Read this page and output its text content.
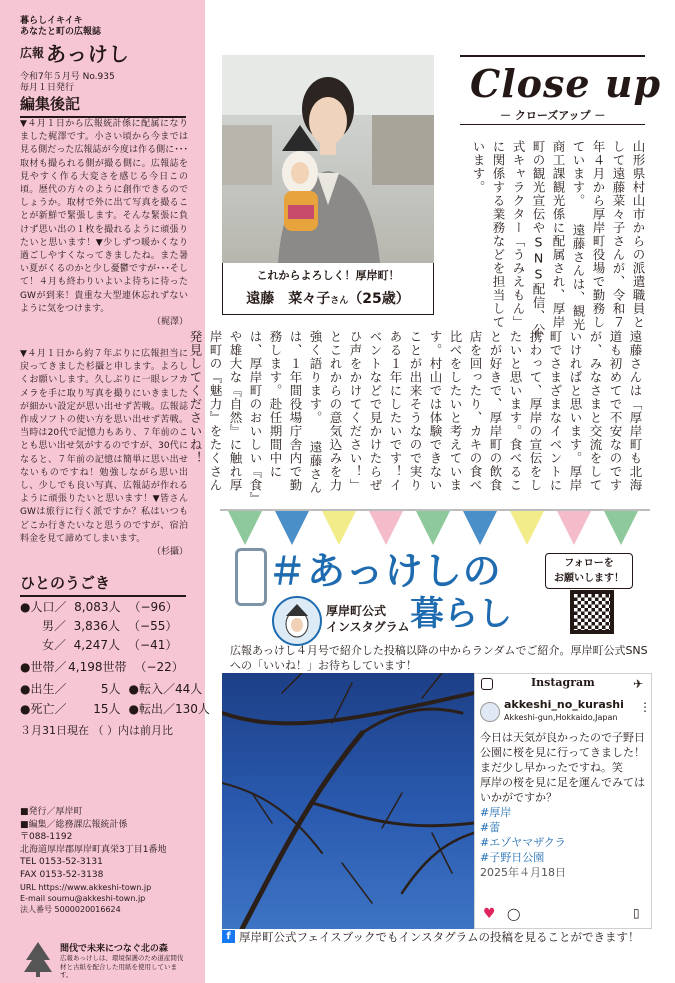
暮らしイキイキ
あなたと町の広報誌
広報 あっけし
令和7年５月号 No.935
毎月１日発行
編集後記
▼４月１日から広報統計係に配属になりました梶澤です。小さい頃から今までは見る側だった広報誌が今度は作る側に･･･取材も撮られる側が撮る側に。広報誌を見やすく作る大変さを感じる今日この頃。歴代の方々のように創作できるのでしょうか。取材で外に出て写真を撮ることが新鮮で緊張します。そんな緊張に負けず思い出の１枚を撮れるように頑張りたいと思います！▼少しずつ暖かくなり過ごしやすくなってきましたね。また暑い夏がくるのかと少し憂鬱ですが･･･そして！４月も終わりいよいよ待ちに待ったGWが到来！貴重な大型連休忘れずないように気をつけます。
（梶澤）
▼４月１日から約７年ぶりに広報担当に戻ってきました杉攝と申します。よろしくお願いします。久しぶりに一眼レフカメラを手に取り写真を撮りにいきましたが細かい設定が思い出せず苦戦。広報誌作成ソフトの使い方を思い出せず苦戦。当時は20代で記憶力もあり、７年前のことも思い出せ気がするのですが、30代になると、７年前の記憶は簡単に思い出せないものですね！勉強しながら思い出し、少しでも良い写真、広報誌が作れるように頑張りたいと思います！▼皆さんGWは旅行に行く派ですか？私はいつもどこか行きたいなと思うのですが、宿泊料金を見て諦めてしまいます。
（杉攝）
ひとのうごき
●人口／ 8,083人 （−96）
男／ 3,836人 （−55）
女／ 4,247人 （−41）
●世帯／ 4,198世帯 （−22）
●出生／	5人 ●転入／44人
●死亡／ 15人 ●転出／130人
３月31日現在 （ ）内は前月比
■発行／厚岸町
■編集／総務課広報統計係
〒088-1192
北海道厚岸郡厚岸町真栄3丁目1番地
TEL 0153-52-3131
FAX 0153-52-3138
URL https://www.akkeshi-town.jp
E-mail soumu@akkeshi-town.jp
法人番号 5000020016624
間伐で未来につなぐ北の森
広報あっけしは、環境保護のため道産間伐材と古紙を配合した用紙を使用しています。
これからよろしく！厚岸町！
遠藤　菜々子さん（25歳）
Close up
－ クローズアップ －
山形県村山市からの派遣職員として遠藤菜々子さんが、令和７年４月から厚岸町役場で勤務しています。 遠藤さんは、観光商工課観光係に配属され、厚岸町の観光宣伝やSNS配信、公式キャラクター「うみえもん」に関係する業務などを担当しています。
遠藤さんは「厚岸町も北海道も初めてで不安なのですが、みなさまと交流をしていければと思います。厚岸町でさまざまなイベントに携わって、厚岸の宣伝をしたいと思います。食べることが好きで、厚岸町の飲食店を回ったり、カキの食べ比べをしたいと考えています。村山では体験できないことが出来そうなので実りある１年にしたいです！イベントなどで見かけたらぜひ声をかけてください！」とこれからの意気込みを力強く語ります。 遠藤さんは、１年間役場庁舎内で勤務します。赴任期間中には、厚岸町のおいしい『食』や雄大な『自然』に触れ厚岸町の『魅力』をたくさん発見してくださいね！
＃あっけしの
暮らし
厚岸町公式
インスタグラム
フォローを
お願いします！
広報あっけし４月号で紹介した投稿以降の中からランダムでご紹介。厚岸町公式SNSへの「いいね！」お待ちしています！
Instagram	✈
akkeshi_no_kurashi
Akkeshi-gun,Hokkaido,Japan
⋮
今日は天気が良かったので子野日公園に桜を見に行ってきました！まだ少し早かったですね。笑
厚岸の桜を見に足を運んでみてはいかがですか？
#厚岸
#蕾
#エゾヤマザクラ
#子野日公園
2025年４月18日
♥ ◯	▯
f 厚岸町公式フェイスブックでもインスタグラムの投稿を見ることができます！
